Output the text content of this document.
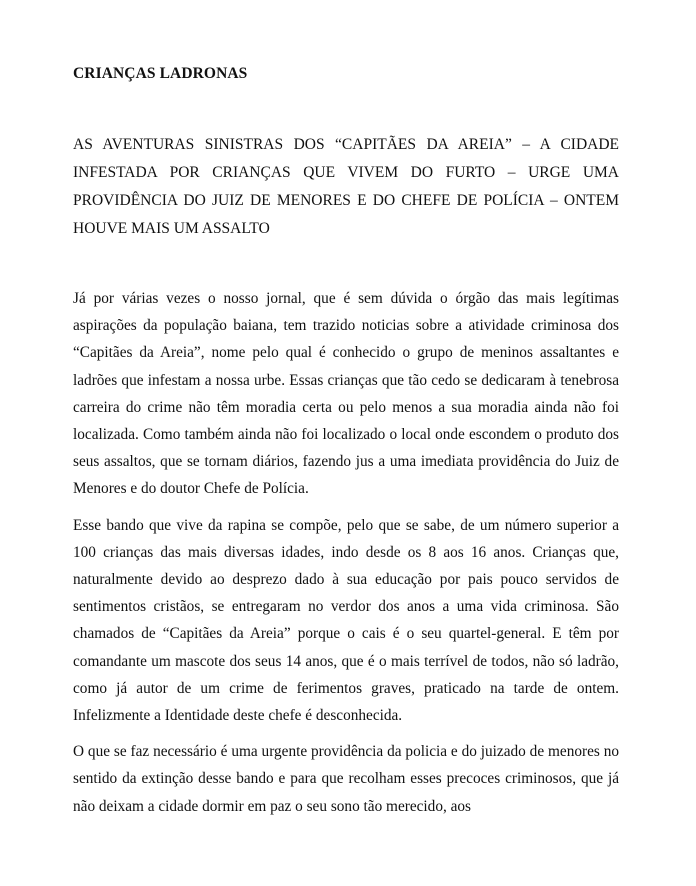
CRIANÇAS LADRONAS
AS AVENTURAS SINISTRAS DOS “CAPITÃES DA AREIA” – A CIDADE INFESTADA POR CRIANÇAS QUE VIVEM DO FURTO – URGE UMA PROVIDÊNCIA DO JUIZ DE MENORES E DO CHEFE DE POLÍCIA – ONTEM HOUVE MAIS UM ASSALTO

Já por várias vezes o nosso jornal, que é sem dúvida o órgão das mais legítimas aspirações da população baiana, tem trazido noticias sobre a atividade criminosa dos “Capitães da Areia”, nome pelo qual é conhecido o grupo de meninos assaltantes e ladrões que infestam a nossa urbe. Essas crianças que tão cedo se dedicaram à tenebrosa carreira do crime não têm moradia certa ou pelo menos a sua moradia ainda não foi localizada. Como também ainda não foi localizado o local onde escondem o produto dos seus assaltos, que se tornam diários, fazendo jus a uma imediata providência do Juiz de Menores e do doutor Chefe de Polícia.

Esse bando que vive da rapina se compõe, pelo que se sabe, de um número superior a 100 crianças das mais diversas idades, indo desde os 8 aos 16 anos. Crianças que, naturalmente devido ao desprezo dado à sua educação por pais pouco servidos de sentimentos cristãos, se entregaram no verdor dos anos a uma vida criminosa. São chamados de “Capitães da Areia” porque o cais é o seu quartel-general. E têm por comandante um mascote dos seus 14 anos, que é o mais terrível de todos, não só ladrão, como já autor de um crime de ferimentos graves, praticado na tarde de ontem. Infelizmente a Identidade deste chefe é desconhecida.

O que se faz necessário é uma urgente providência da policia e do juizado de menores no sentido da extinção desse bando e para que recolham esses precoces criminosos, que já não deixam a cidade dormir em paz o seu sono tão merecido, aos
